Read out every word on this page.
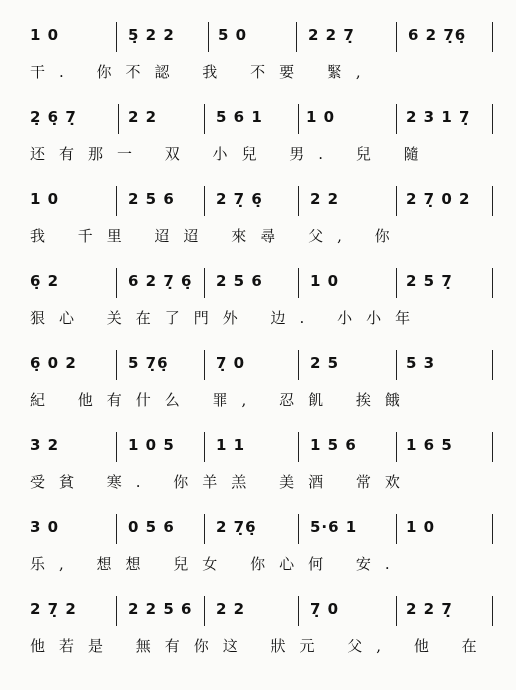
1 0	5̣ 2 2	5 0	2 2 7̣	6 2 7̣6̣
干. 你不認 我 不要 緊,
2̣ 6̣ 7̣	2 2	5 6 1	1 0	2 3 1 7̣
还有那一 双 小兒 男. 兒 隨
1 0	2 5 6	2 7̣ 6̣	2 2	2 7̣ 0 2
我 千里 迢迢 來尋 父, 你
6̣ 2	6 2 7̣ 6̣ 2 5 6	1 0	2 5 7̣
狠心 关在了門外 边. 小小年
6̣ 0 2	5 7̣6̣	7̣ 0	2 5	5 3
紀 他有什么 罪, 忍飢 挨餓
3 2	1 0 5	1 1	1 5 6	1 6 5
受貧 寒. 你羊羔 美酒 常欢
3 0	0 5 6	2 7̣6̣	5·6 1	1 0
乐, 想想 兒女 你心何 安.
2 7̣ 2	2 2 5 6 2 2	7̣ 0	2 2 7̣
他若是 無有你这 狀元 父, 他 在
